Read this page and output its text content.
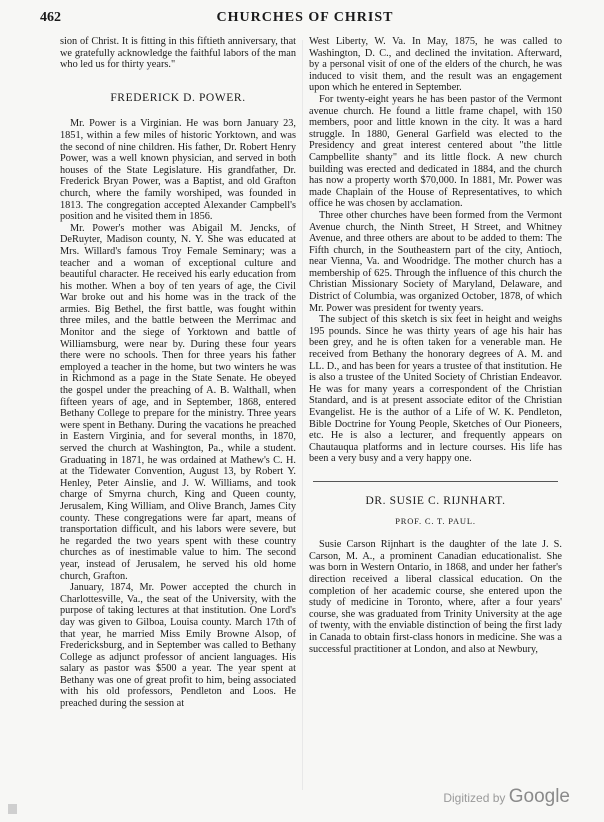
462	CHURCHES OF CHRIST

sion of Christ. It is fitting in this fiftieth anniversary, that we gratefully acknowledge the faithful labors of the man who led us for thirty years."

FREDERICK D. POWER.

Mr. Power is a Virginian. He was born January 23, 1851, within a few miles of historic Yorktown, and was the second of nine children. His father, Dr. Robert Henry Power, was a well known physician, and served in both houses of the State Legislature. His grandfather, Dr. Frederick Bryan Power, was a Baptist, and old Grafton church, where the family worshiped, was founded in 1813. The congregation accepted Alexander Campbell's position and he visited them in 1856.

Mr. Power's mother was Abigail M. Jencks, of DeRuyter, Madison county, N. Y. She was educated at Mrs. Willard's famous Troy Female Seminary; was a teacher and a woman of exceptional culture and beautiful character. He received his early education from his mother. When a boy of ten years of age, the Civil War broke out and his home was in the track of the armies. Big Bethel, the first battle, was fought within three miles, and the battle between the Merrimac and Monitor and the siege of Yorktown and battle of Williamsburg, were near by. During these four years there were no schools. Then for three years his father employed a teacher in the home, but two winters he was in Richmond as a page in the State Senate. He obeyed the gospel under the preaching of A. B. Walthall, when fifteen years of age, and in September, 1868, entered Bethany College to prepare for the ministry. Three years were spent in Bethany. During the vacations he preached in Eastern Virginia, and for several months, in 1870, served the church at Washington, Pa., while a student. Graduating in 1871, he was ordained at Mathew's C. H. at the Tidewater Convention, August 13, by Robert Y. Henley, Peter Ainslie, and J. W. Williams, and took charge of Smyrna church, King and Queen county, Jerusalem, King William, and Olive Branch, James City county. These congregations were far apart, means of transportation difficult, and his labors were severe, but he regarded the two years spent with these country churches as of inestimable value to him. The second year, instead of Jerusalem, he served his old home church, Grafton.

January, 1874, Mr. Power accepted the church in Charlottesville, Va., the seat of the University, with the purpose of taking lectures at that institution. One Lord's day was given to Gilboa, Louisa county. March 17th of that year, he married Miss Emily Browne Alsop, of Fredericksburg, and in September was called to Bethany College as adjunct professor of ancient languages. His salary as pastor was $500 a year. The year spent at Bethany was one of great profit to him, being associated with his old professors, Pendleton and Loos. He preached during the session at

West Liberty, W. Va. In May, 1875, he was called to Washington, D. C., and declined the invitation. Afterward, by a personal visit of one of the elders of the church, he was induced to visit them, and the result was an engagement upon which he entered in September.

For twenty-eight years he has been pastor of the Vermont avenue church. He found a little frame chapel, with 150 members, poor and little known in the city. It was a hard struggle. In 1880, General Garfield was elected to the Presidency and great interest centered about "the little Campbellite shanty" and its little flock. A new church building was erected and dedicated in 1884, and the church has now a property worth $70,000. In 1881, Mr. Power was made Chaplain of the House of Representatives, to which office he was chosen by acclamation.

Three other churches have been formed from the Vermont Avenue church, the Ninth Street, H Street, and Whitney Avenue, and three others are about to be added to them: The Fifth church, in the Southeastern part of the city, Antioch, near Vienna, Va. and Woodridge. The mother church has a membership of 625. Through the influence of this church the Christian Missionary Society of Maryland, Delaware, and District of Columbia, was organized October, 1878, of which Mr. Power was president for twenty years.

The subject of this sketch is six feet in height and weighs 195 pounds. Since he was thirty years of age his hair has been grey, and he is often taken for a venerable man. He received from Bethany the honorary degrees of A. M. and LL. D., and has been for years a trustee of that institution. He is also a trustee of the United Society of Christian Endeavor. He was for many years a correspondent of the Christian Standard, and is at present associate editor of the Christian Evangelist. He is the author of a Life of W. K. Pendleton, Bible Doctrine for Young People, Sketches of Our Pioneers, etc. He is also a lecturer, and frequently appears on Chautauqua platforms and in lecture courses. His life has been a very busy and a very happy one.

DR. SUSIE C. RIJNHART.
PROF. C. T. PAUL.

Susie Carson Rijnhart is the daughter of the late J. S. Carson, M. A., a prominent Canadian educationalist. She was born in Western Ontario, in 1868, and under her father's direction received a liberal classical education. On the completion of her academic course, she entered upon the study of medicine in Toronto, where, after a four years' course, she was graduated from Trinity University at the age of twenty, with the enviable distinction of being the first lady in Canada to obtain first-class honors in medicine. She was a successful practitioner at London, and also at Newbury,

Digitized by Google
